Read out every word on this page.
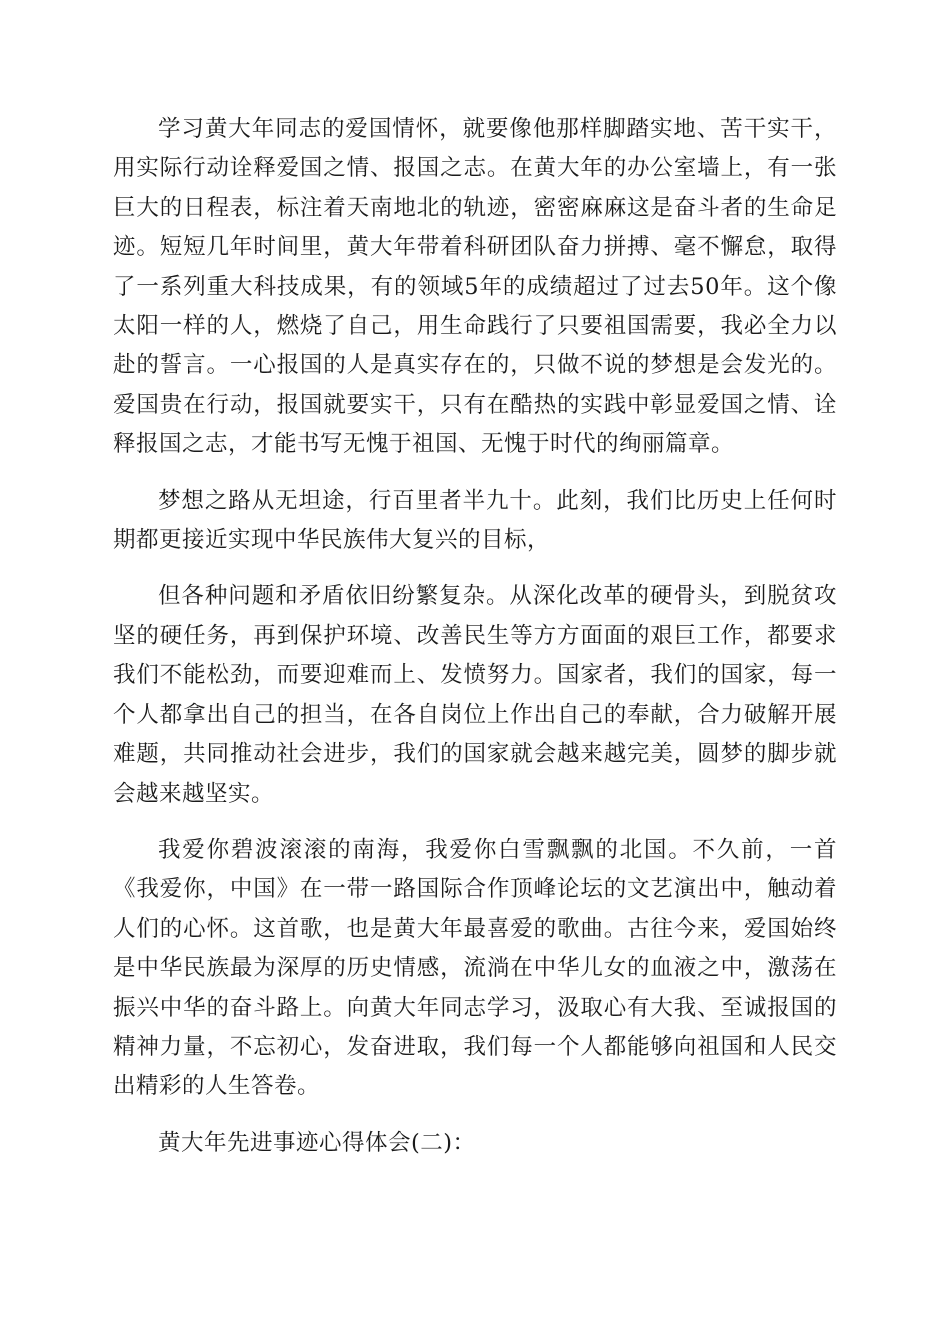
学习黄大年同志的爱国情怀，就要像他那样脚踏实地、苦干实干，用实际行动诠释爱国之情、报国之志。在黄大年的办公室墙上，有一张巨大的日程表，标注着天南地北的轨迹，密密麻麻这是奋斗者的生命足迹。短短几年时间里，黄大年带着科研团队奋力拼搏、毫不懈怠，取得了一系列重大科技成果，有的领域5年的成绩超过了过去50年。这个像太阳一样的人，燃烧了自己，用生命践行了只要祖国需要，我必全力以赴的誓言。一心报国的人是真实存在的，只做不说的梦想是会发光的。爱国贵在行动，报国就要实干，只有在酷热的实践中彰显爱国之情、诠释报国之志，才能书写无愧于祖国、无愧于时代的绚丽篇章。

梦想之路从无坦途，行百里者半九十。此刻，我们比历史上任何时期都更接近实现中华民族伟大复兴的目标，

但各种问题和矛盾依旧纷繁复杂。从深化改革的硬骨头，到脱贫攻坚的硬任务，再到保护环境、改善民生等方方面面的艰巨工作，都要求我们不能松劲，而要迎难而上、发愤努力。国家者，我们的国家，每一个人都拿出自己的担当，在各自岗位上作出自己的奉献，合力破解开展难题，共同推动社会进步，我们的国家就会越来越完美，圆梦的脚步就会越来越坚实。

我爱你碧波滚滚的南海，我爱你白雪飘飘的北国。不久前，一首《我爱你，中国》在一带一路国际合作顶峰论坛的文艺演出中，触动着人们的心怀。这首歌，也是黄大年最喜爱的歌曲。古往今来，爱国始终是中华民族最为深厚的历史情感，流淌在中华儿女的血液之中，激荡在振兴中华的奋斗路上。向黄大年同志学习，汲取心有大我、至诚报国的精神力量，不忘初心，发奋进取，我们每一个人都能够向祖国和人民交出精彩的人生答卷。

黄大年先进事迹心得体会(二)：
